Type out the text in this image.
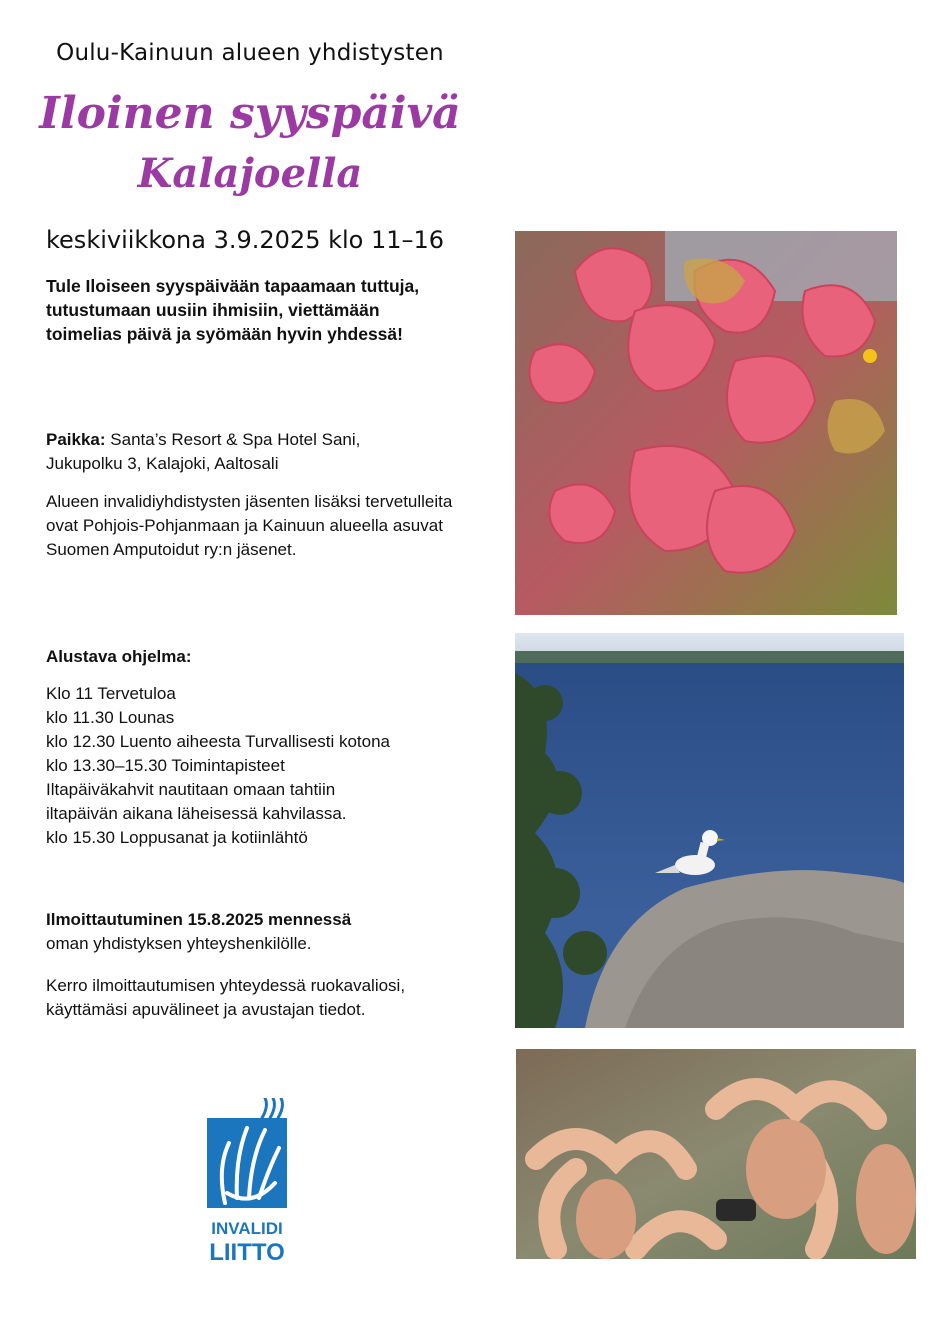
Oulu-Kainuun alueen yhdistysten
Iloinen syyspäivä
Kalajoella
keskiviikkona 3.9.2025 klo 11–16
Tule Iloiseen syyspäivään tapaamaan tuttuja, tutustumaan uusiin ihmisiin, viettämään toimelias päivä ja syömään hyvin yhdessä!
Paikka: Santa’s Resort & Spa Hotel Sani,
Jukupolku 3, Kalajoki, Aaltosali
Alueen invalidiyhdistysten jäsenten lisäksi tervetulleita ovat Pohjois-Pohjanmaan ja Kainuun alueella asuvat Suomen Amputoidut ry:n jäsenet.
Alustava ohjelma:
Klo 11 Tervetuloa
klo 11.30 Lounas
klo 12.30 Luento aiheesta Turvallisesti kotona
klo 13.30–15.30 Toimintapisteet
Iltapäiväkahvit nautitaan omaan tahtiin
iltapäivän aikana läheisessä kahvilassa.
klo 15.30 Loppusanat ja kotiinlähtö
Ilmoittautuminen 15.8.2025 mennessä
oman yhdistyksen yhteyshenkilölle.
Kerro ilmoittautumisen yhteydessä ruokavaliosi, käyttämäsi apuvälineet ja avustajan tiedot.
INVALIDI
LIITTO
